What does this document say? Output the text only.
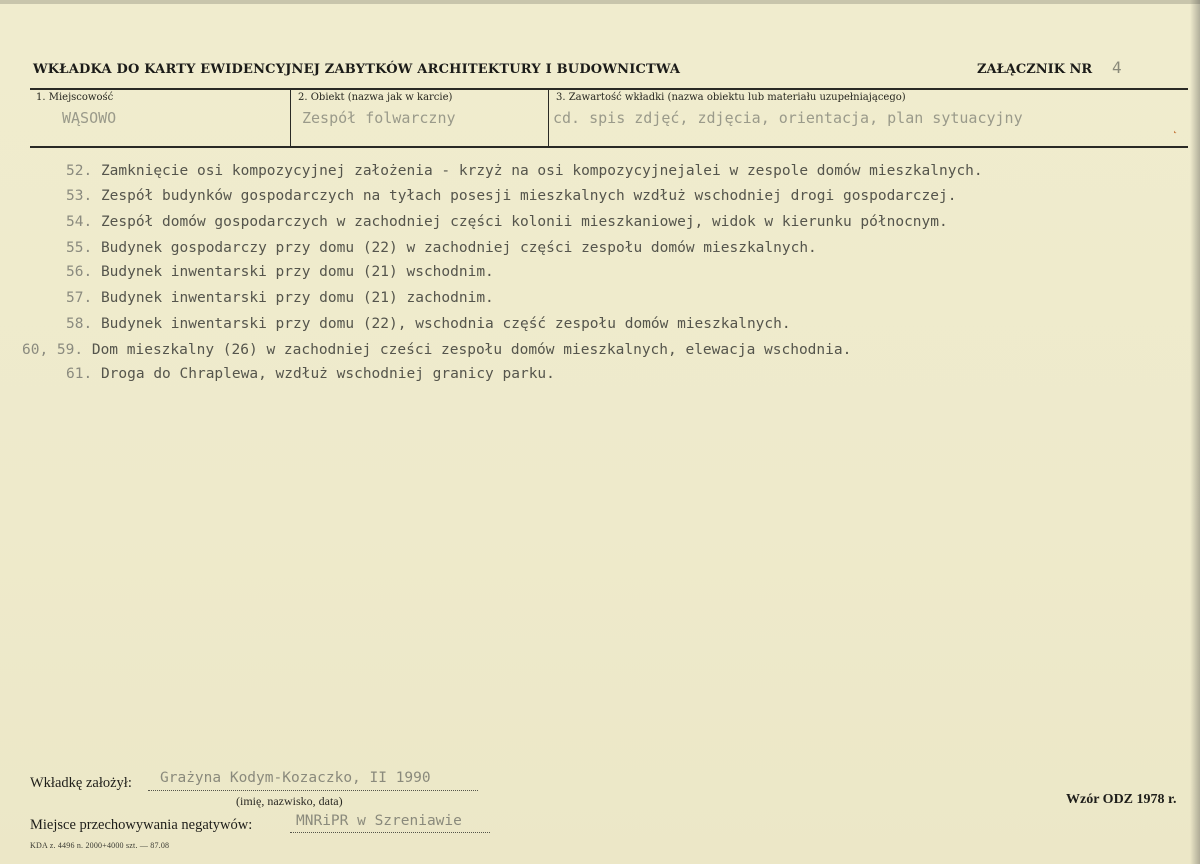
WKŁADKA DO KARTY EWIDENCYJNEJ ZABYTKÓW ARCHITEKTURY I BUDOWNICTWA	ZAŁĄCZNIK NR 4
1. Miejscowość
WĄSOWO
2. Obiekt (nazwa jak w karcie)
Zespół folwarczny
3. Zawartość wkładki (nazwa obiektu lub materiału uzupełniającego)
cd. spis zdjęć, zdjęcia, orientacja, plan sytuacyjny	˛
52. Zamknięcie osi kompozycyjnej założenia - krzyż na osi kompozycyjnejalei w zespole domów mieszkalnych.
53. Zespół budynków gospodarczych na tyłach posesji mieszkalnych wzdłuż wschodniej drogi gospodarczej.
54. Zespół domów gospodarczych w zachodniej części kolonii mieszkaniowej, widok w kierunku północnym.
55. Budynek gospodarczy przy domu (22) w zachodniej części zespołu domów mieszkalnych.
56. Budynek inwentarski przy domu (21) wschodnim.
57. Budynek inwentarski przy domu (21) zachodnim.
58. Budynek inwentarski przy domu (22), wschodnia część zespołu domów mieszkalnych.
60, 59. Dom mieszkalny (26) w zachodniej cześci zespołu domów mieszkalnych, elewacja wschodnia.
61. Droga do Chraplewa, wzdłuż wschodniej granicy parku.
Wkładkę założył: Grażyna Kodym-Kozaczko, II 1990
(imię, nazwisko, data)	Wzór ODZ 1978 r.
Miejsce przechowywania negatywów:	MNRiPR w Szreniawie
KDA z. 4496 n. 2000+4000 szt. — 87.08
